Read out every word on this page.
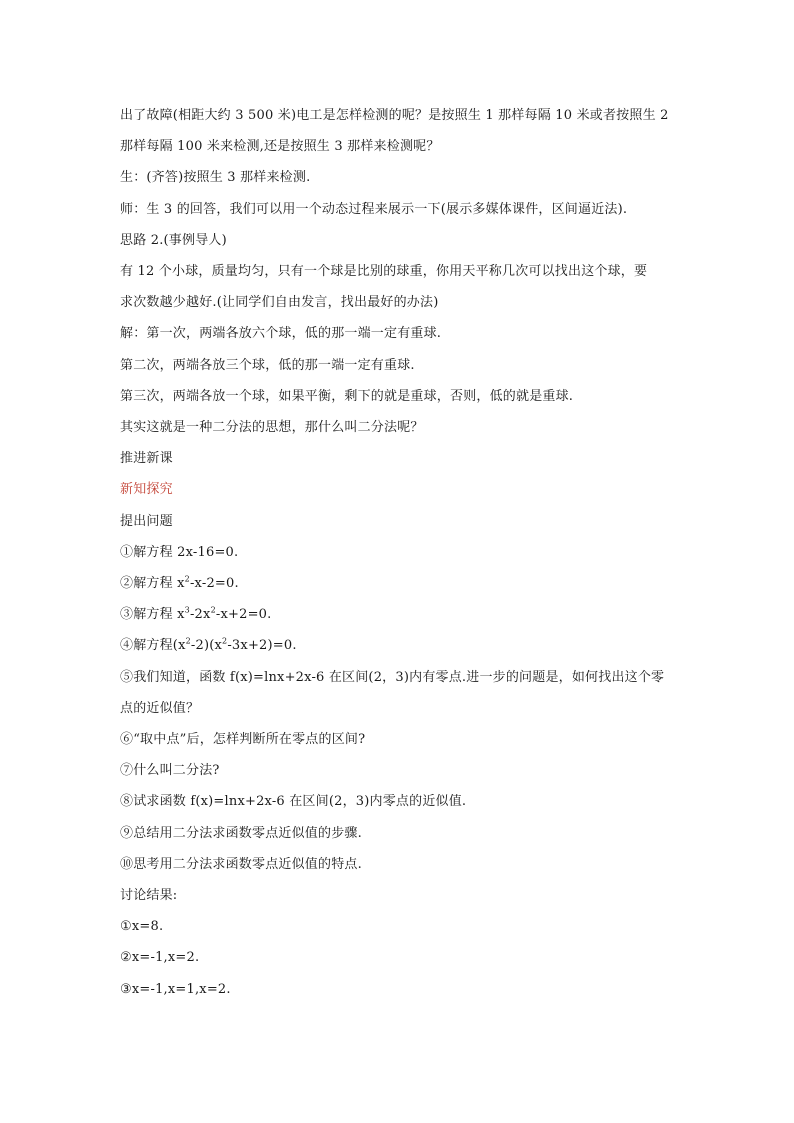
出了故障(相距大约 3 500 米)电工是怎样检测的呢？是按照生 1 那样每隔 10 米或者按照生 2
那样每隔 100 米来检测,还是按照生 3 那样来检测呢？
生：(齐答)按照生 3 那样来检测.
师：生 3 的回答，我们可以用一个动态过程来展示一下(展示多媒体课件，区间逼近法).
思路 2.(事例导人)
有 12 个小球，质量均匀，只有一个球是比别的球重，你用天平称几次可以找出这个球，要
求次数越少越好.(让同学们自由发言，找出最好的办法)
解：第一次，两端各放六个球，低的那一端一定有重球.
第二次，两端各放三个球，低的那一端一定有重球.
第三次，两端各放一个球，如果平衡，剩下的就是重球，否则，低的就是重球.
其实这就是一种二分法的思想，那什么叫二分法呢？
推进新课
新知探究
提出问题
①解方程 2x-16=0.
②解方程 $x^2-x-2=0$.
③解方程 $x^3-2x^2-x+2=0$.
④解方程$(x^2-2)(x^2-3x+2)=0$.
⑤我们知道，函数 f(x)=lnx+2x-6 在区间(2，3)内有零点.进一步的问题是，如何找出这个零
点的近似值？
⑥“取中点”后，怎样判断所在零点的区间?
⑦什么叫二分法?
⑧试求函数 f(x)=lnx+2x-6 在区间(2，3)内零点的近似值.
⑨总结用二分法求函数零点近似值的步骤.
⑩思考用二分法求函数零点近似值的特点.
讨论结果:
①x=8.
②x=-1,x=2.
③x=-1,x=1,x=2.
